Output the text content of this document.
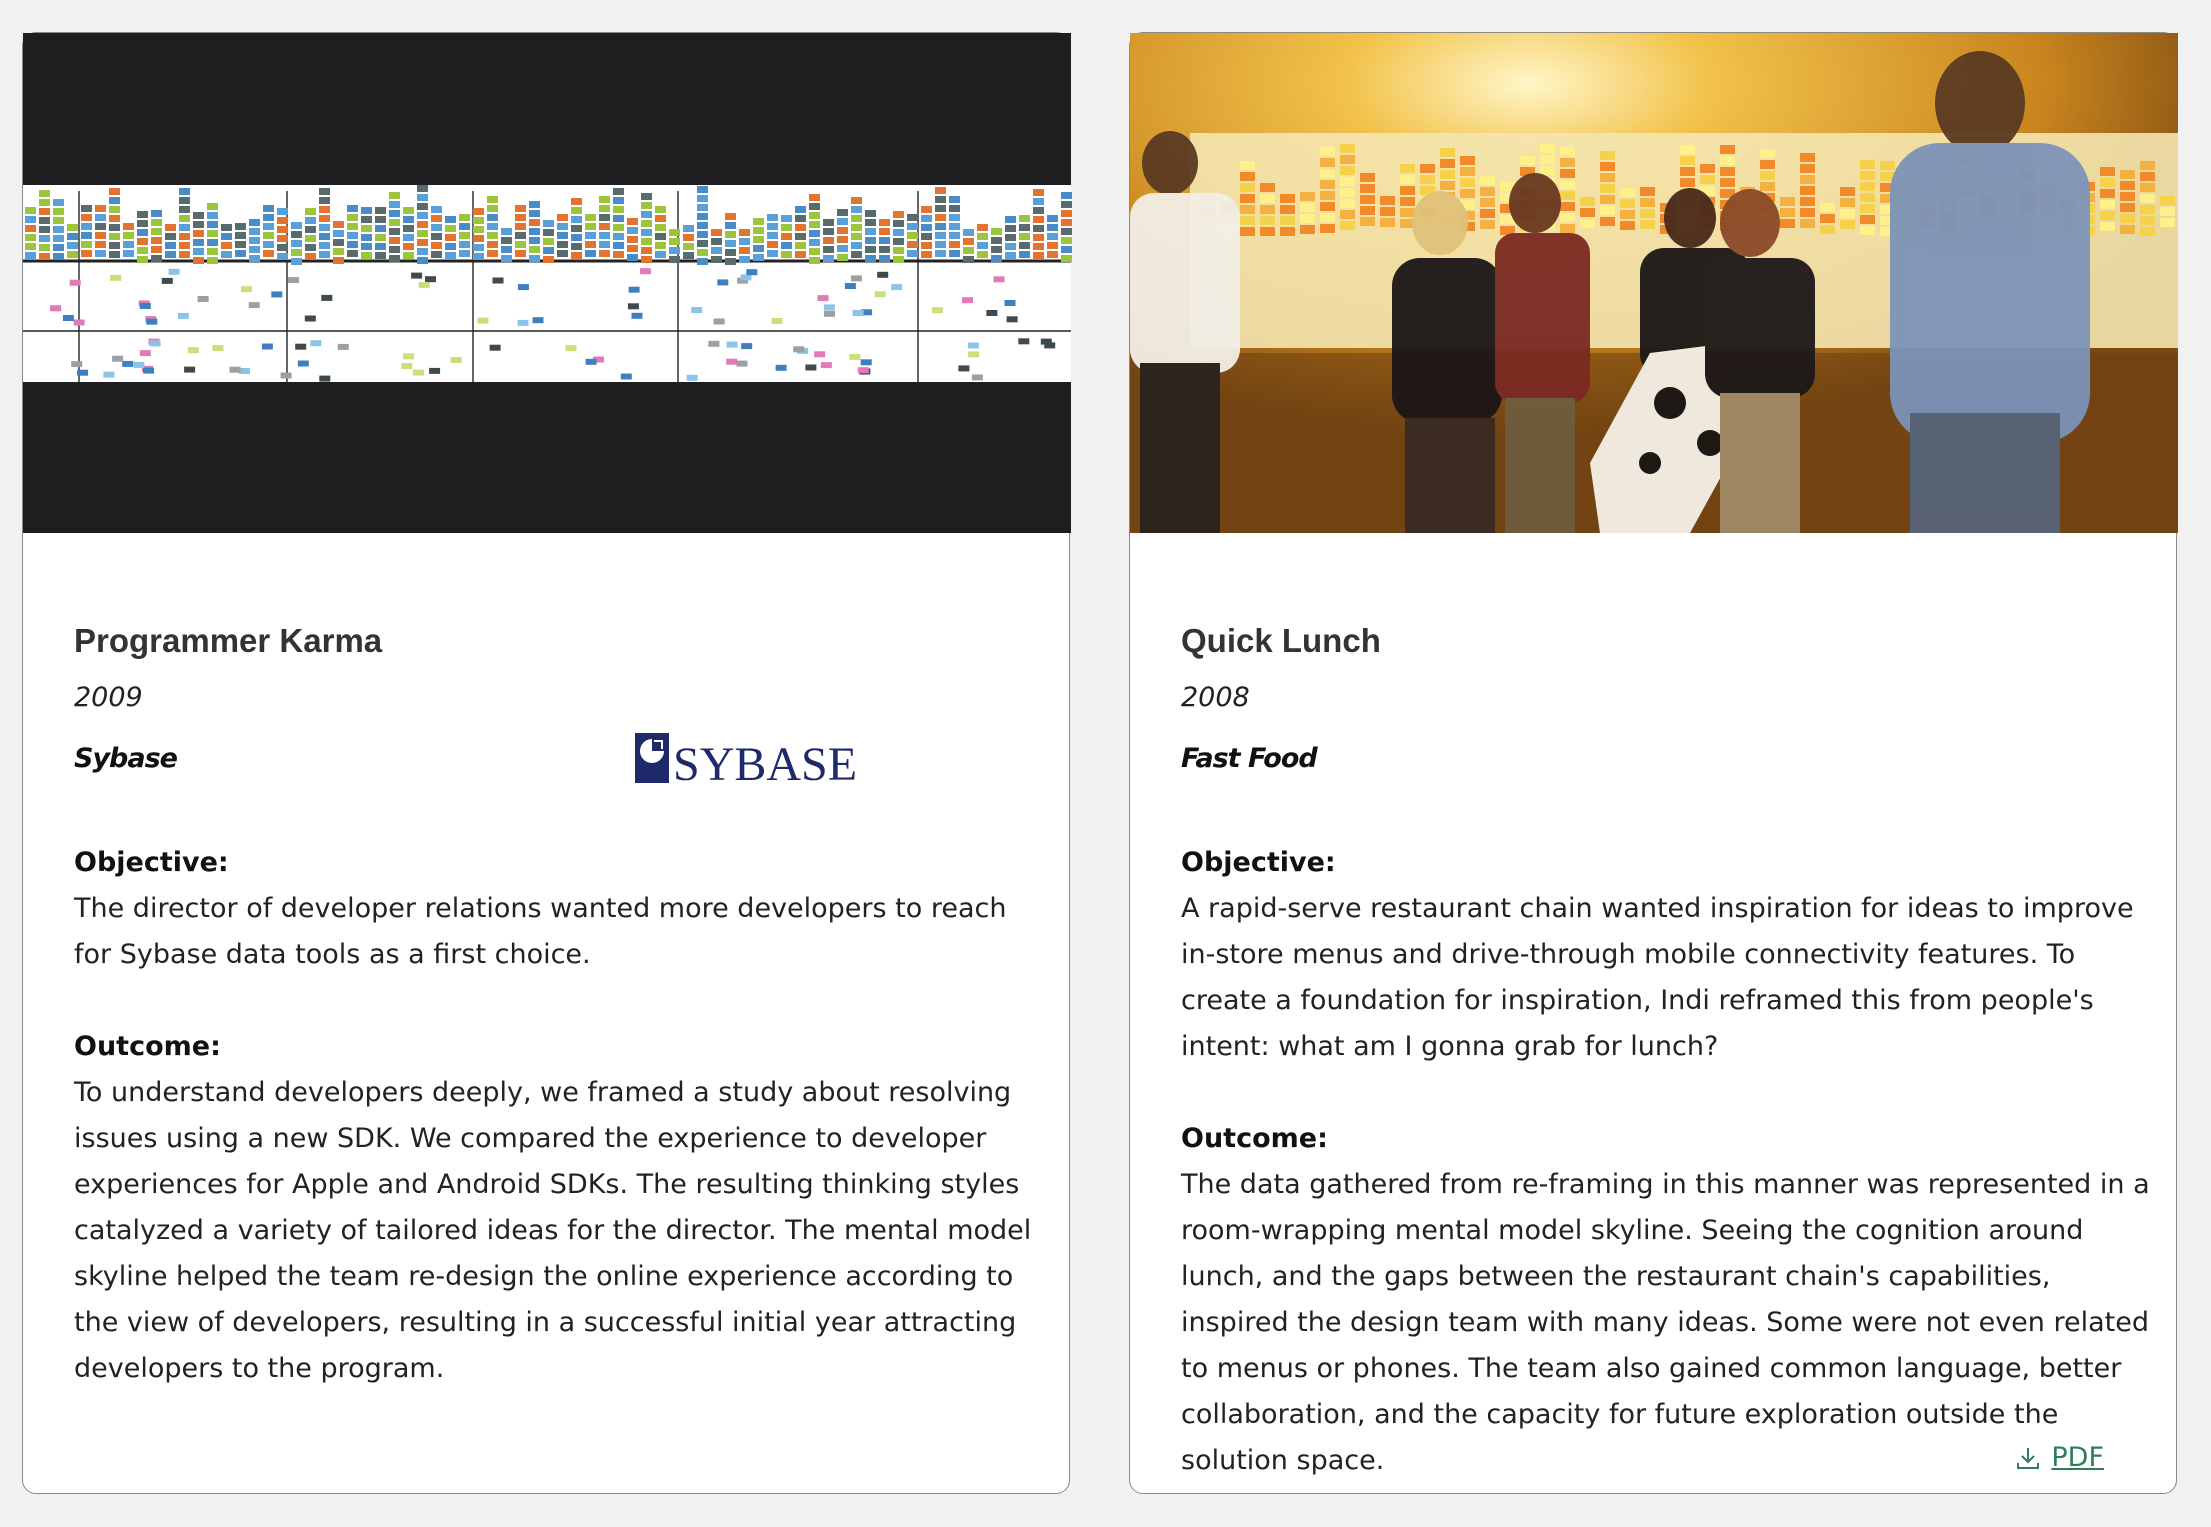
Programmer Karma
2009
Sybase	SYBASE
Objective:
The director of developer relations wanted more developers to reach
for Sybase data tools as a first choice.
Outcome:
To understand developers deeply, we framed a study about resolving
issues using a new SDK. We compared the experience to developer
experiences for Apple and Android SDKs. The resulting thinking styles
catalyzed a variety of tailored ideas for the director. The mental model
skyline helped the team re-design the online experience according to
the view of developers, resulting in a successful initial year attracting
developers to the program.
Quick Lunch
2008
Fast Food
Objective:
A rapid-serve restaurant chain wanted inspiration for ideas to improve
in-store menus and drive-through mobile connectivity features. To
create a foundation for inspiration, Indi reframed this from people's
intent: what am I gonna grab for lunch?
Outcome:
The data gathered from re-framing in this manner was represented in a
room-wrapping mental model skyline. Seeing the cognition around
lunch, and the gaps between the restaurant chain's capabilities,
inspired the design team with many ideas. Some were not even related
to menus or phones. The team also gained common language, better
collaboration, and the capacity for future exploration outside the
solution space.	PDF
